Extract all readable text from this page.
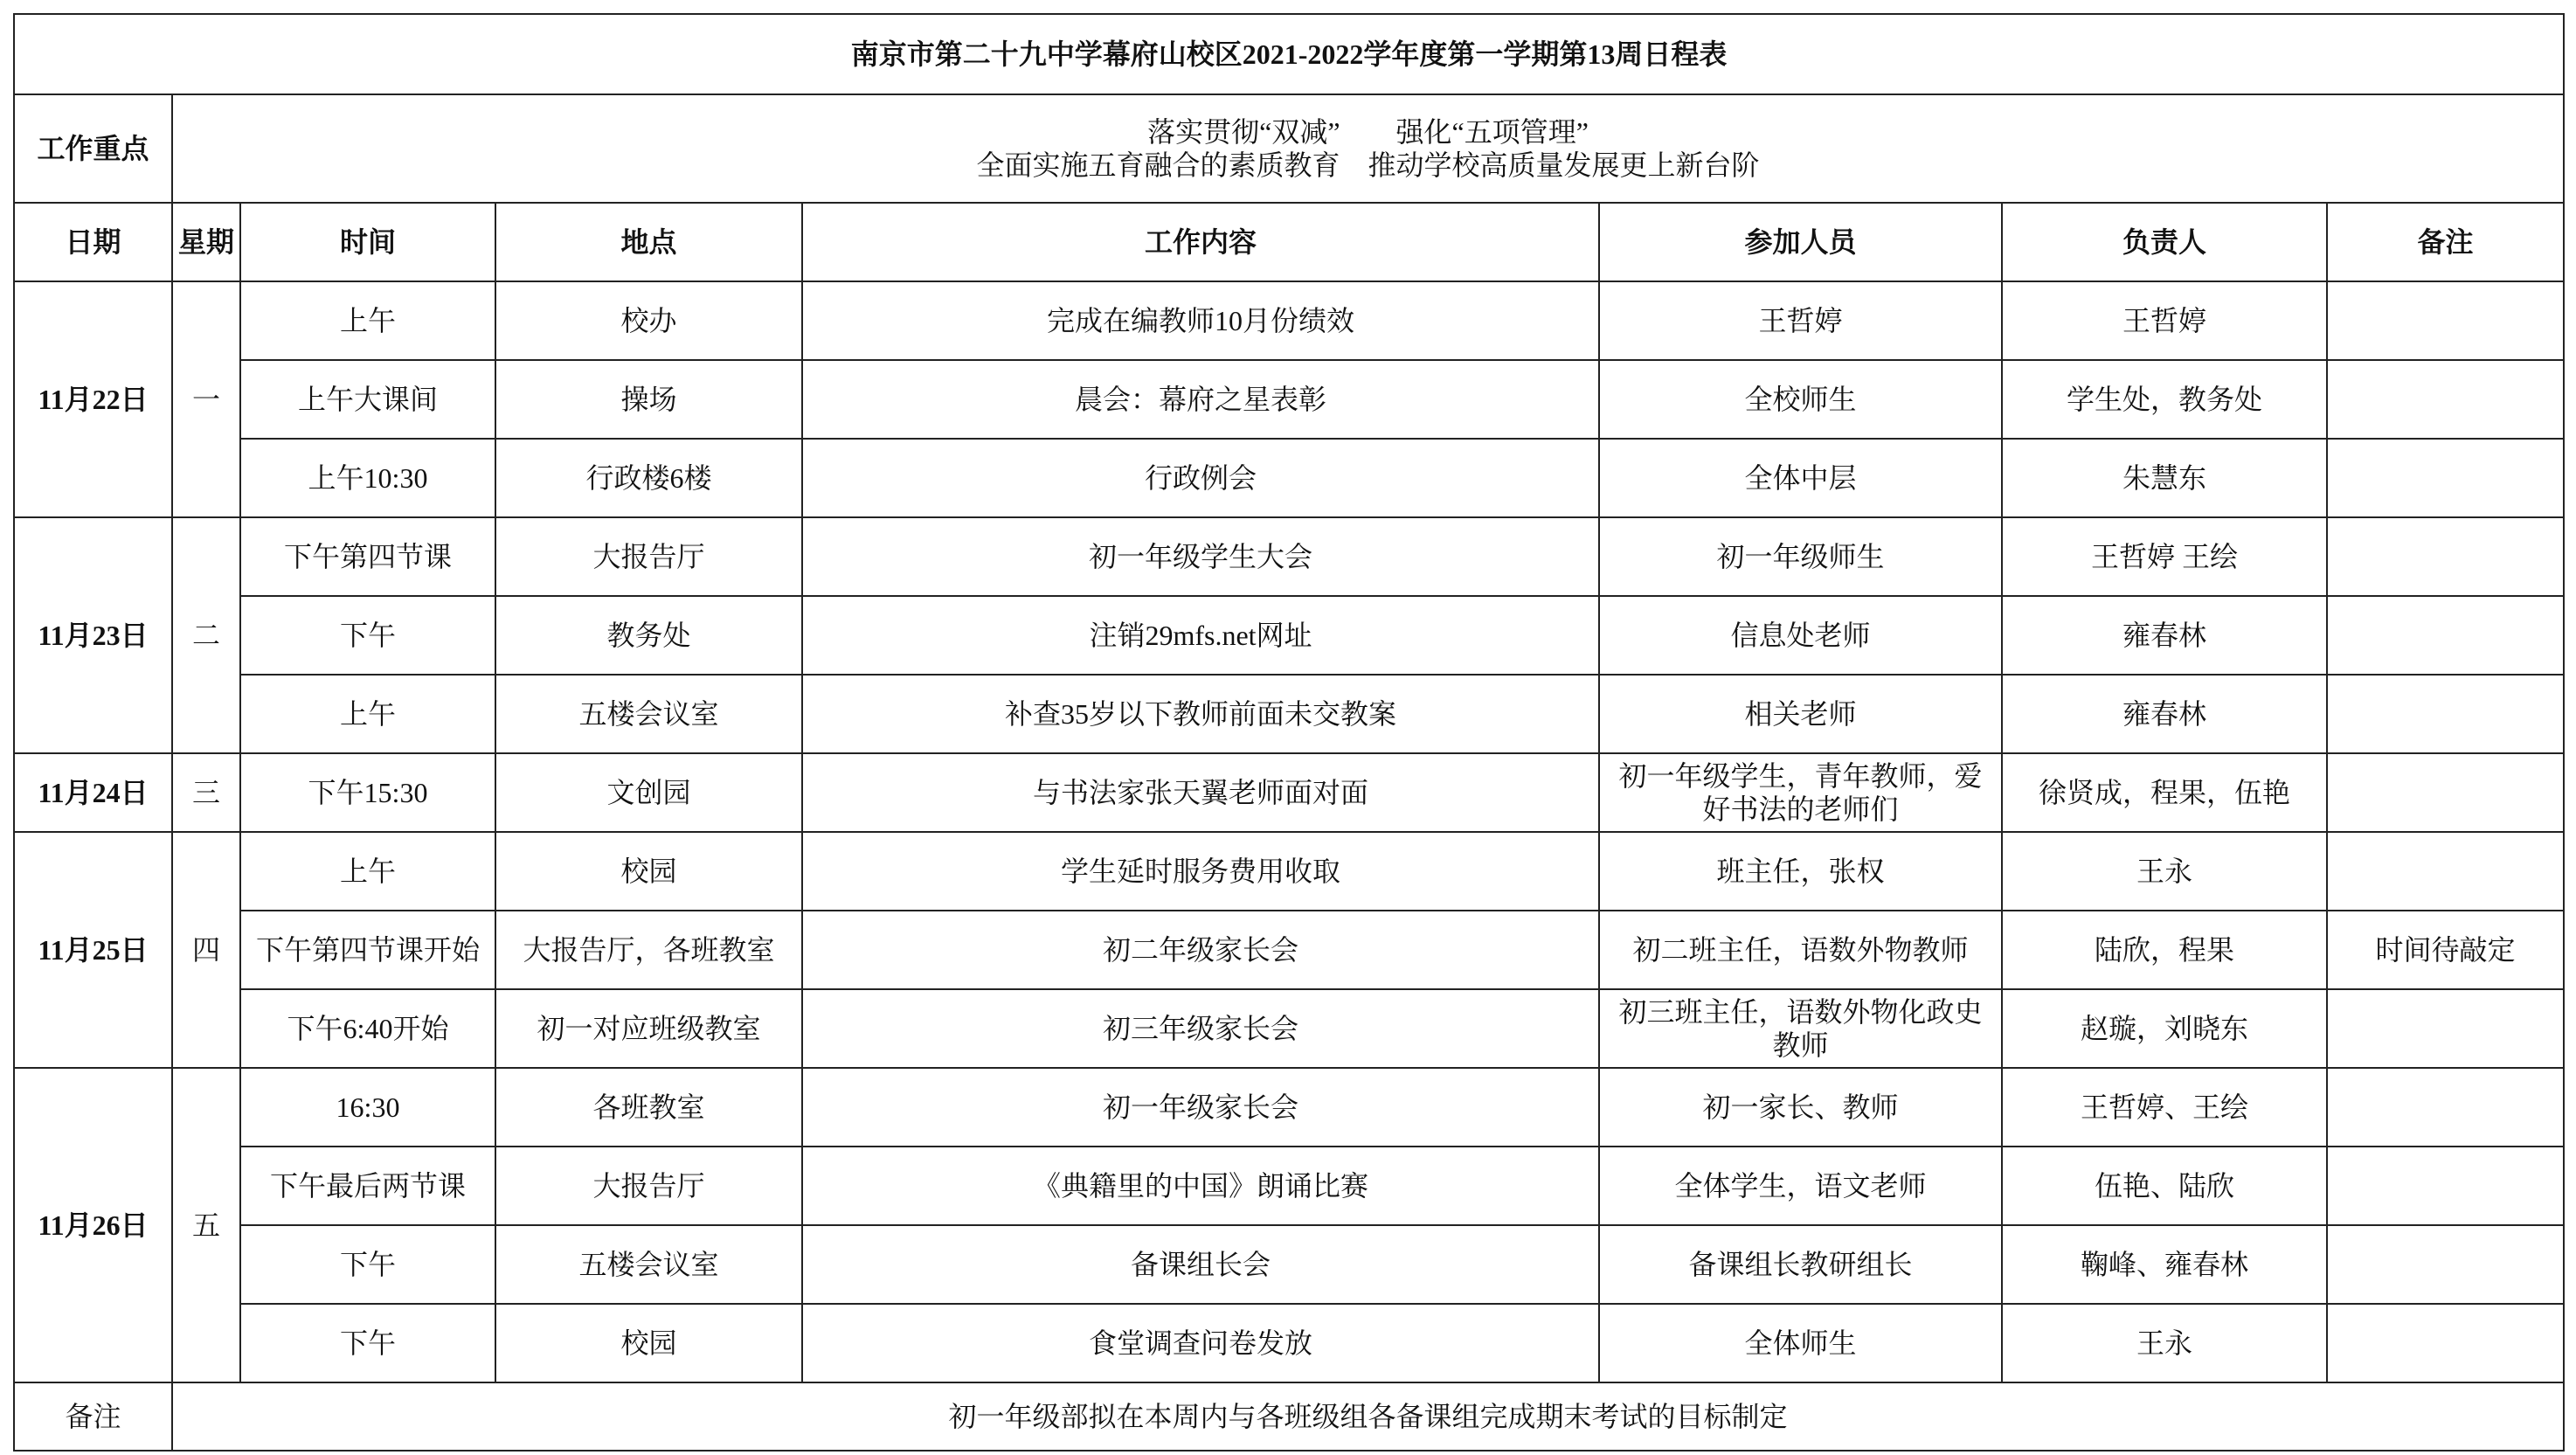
南京市第二十九中学幕府山校区2021-2022学年度第一学期第13周日程表							
工作重点	落实贯彻“双减”　　强化“五项管理”
全面实施五育融合的素质教育　推动学校高质量发展更上新台阶						

日期	星期	时间	地点	工作内容	参加人员	负责人	备注
11月22日	一	上午	校办	完成在编教师10月份绩效	王哲婷	王哲婷	
		上午大课间	操场	晨会：幕府之星表彰	全校师生	学生处，教务处	
		上午10:30	行政楼6楼	行政例会	全体中层	朱慧东	
11月23日	二	下午第四节课	大报告厅	初一年级学生大会	初一年级师生	王哲婷 王绘	
		下午	教务处	注销29mfs.net网址	信息处老师	雍春林	
		上午	五楼会议室	补查35岁以下教师前面未交教案	相关老师	雍春林	
11月24日	三	下午15:30	文创园	与书法家张天翼老师面对面	初一年级学生，青年教师，爱好书法的老师们	徐贤成，程果，伍艳	
11月25日	四	上午	校园	学生延时服务费用收取	班主任，张权	王永	
		下午第四节课开始	大报告厅，各班教室	初二年级家长会	初二班主任，语数外物教师	陆欣，程果	时间待敲定
		下午6:40开始	初一对应班级教室	初三年级家长会	初三班主任，语数外物化政史教师	赵璇，刘晓东	
11月26日	五	16:30	各班教室	初一年级家长会	初一家长、教师	王哲婷、王绘	
		下午最后两节课	大报告厅	《典籍里的中国》朗诵比赛	全体学生，语文老师	伍艳、陆欣	
		下午	五楼会议室	备课组长会	备课组长教研组长	鞠峰、雍春林	
		下午	校园	食堂调查问卷发放	全体师生	王永	
备注	初一年级部拟在本周内与各班级组各备课组完成期末考试的目标制定						
